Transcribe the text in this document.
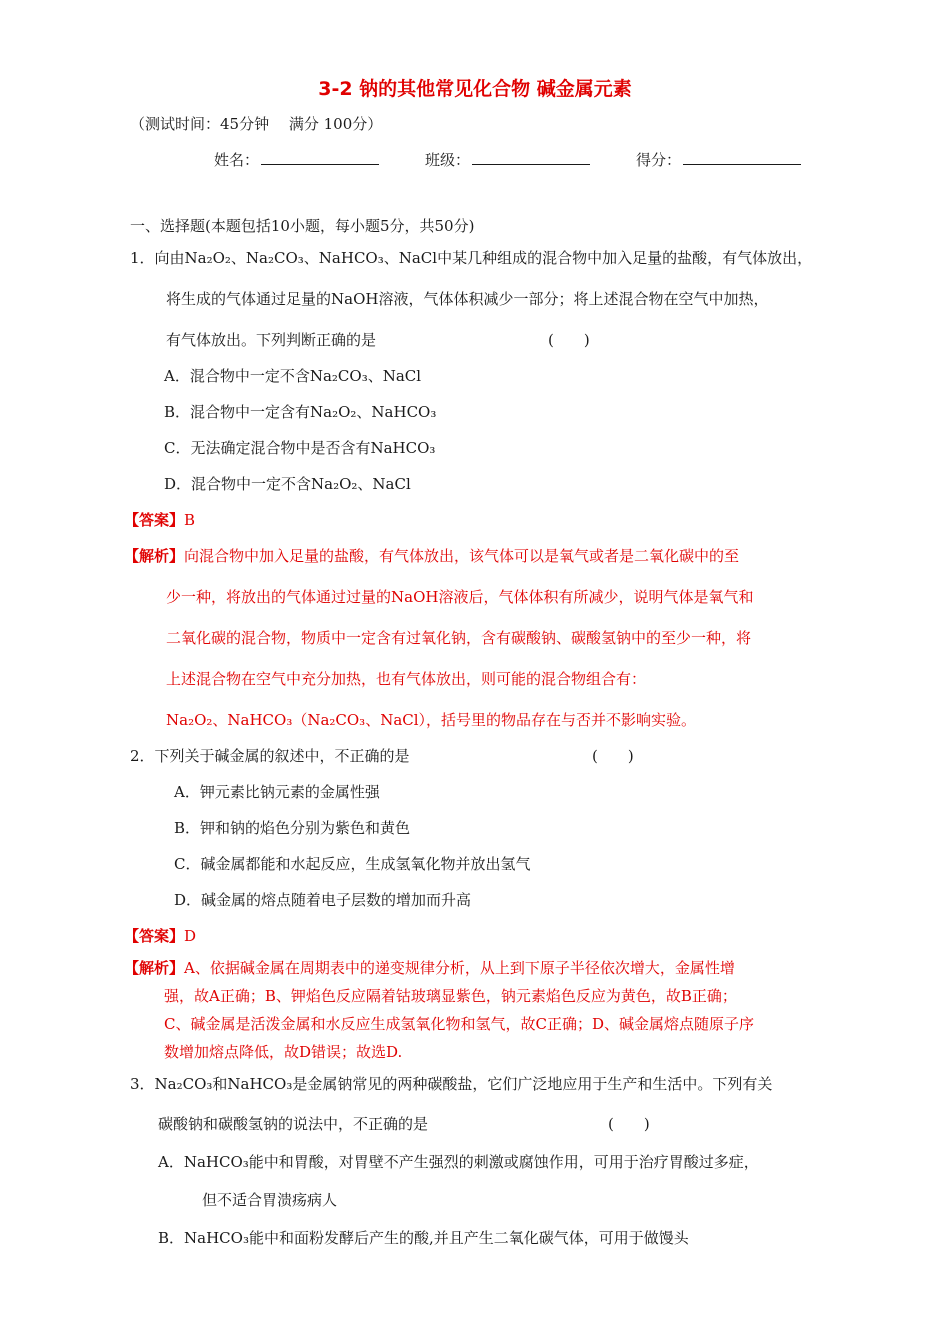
3-2 钠的其他常见化合物 碱金属元素
（测试时间：45分钟　 满分 100分）
姓名：	班级：	得分：
一、选择题(本题包括10小题，每小题5分，共50分)
1．向由Na₂O₂、Na₂CO₃、NaHCO₃、NaCl中某几种组成的混合物中加入足量的盐酸，有气体放出，
将生成的气体通过足量的NaOH溶液，气体体积减少一部分；将上述混合物在空气中加热，
有气体放出。下列判断正确的是	(　　)
A．混合物中一定不含Na₂CO₃、NaCl
B．混合物中一定含有Na₂O₂、NaHCO₃
C．无法确定混合物中是否含有NaHCO₃
D．混合物中一定不含Na₂O₂、NaCl
【答案】B
【解析】向混合物中加入足量的盐酸，有气体放出，该气体可以是氧气或者是二氧化碳中的至
少一种，将放出的气体通过过量的NaOH溶液后，气体体积有所减少，说明气体是氧气和
二氧化碳的混合物，物质中一定含有过氧化钠，含有碳酸钠、碳酸氢钠中的至少一种，将
上述混合物在空气中充分加热，也有气体放出，则可能的混合物组合有：
Na₂O₂、NaHCO₃（Na₂CO₃、NaCl），括号里的物品存在与否并不影响实验。
2．下列关于碱金属的叙述中，不正确的是	(　　)
A．钾元素比钠元素的金属性强
B．钾和钠的焰色分别为紫色和黄色
C．碱金属都能和水起反应，生成氢氧化物并放出氢气
D．碱金属的熔点随着电子层数的增加而升高
【答案】D
【解析】A、依据碱金属在周期表中的递变规律分析，从上到下原子半径依次增大，金属性增
强，故A正确；B、钾焰色反应隔着钴玻璃显紫色，钠元素焰色反应为黄色，故B正确；
C、碱金属是活泼金属和水反应生成氢氧化物和氢气，故C正确；D、碱金属熔点随原子序
数增加熔点降低，故D错误；故选D.
3．Na₂CO₃和NaHCO₃是金属钠常见的两种碳酸盐，它们广泛地应用于生产和生活中。下列有关
碳酸钠和碳酸氢钠的说法中，不正确的是	(　　)
A．NaHCO₃能中和胃酸，对胃壁不产生强烈的刺激或腐蚀作用，可用于治疗胃酸过多症，
但不适合胃溃疡病人
B．NaHCO₃能中和面粉发酵后产生的酸,并且产生二氧化碳气体，可用于做馒头
